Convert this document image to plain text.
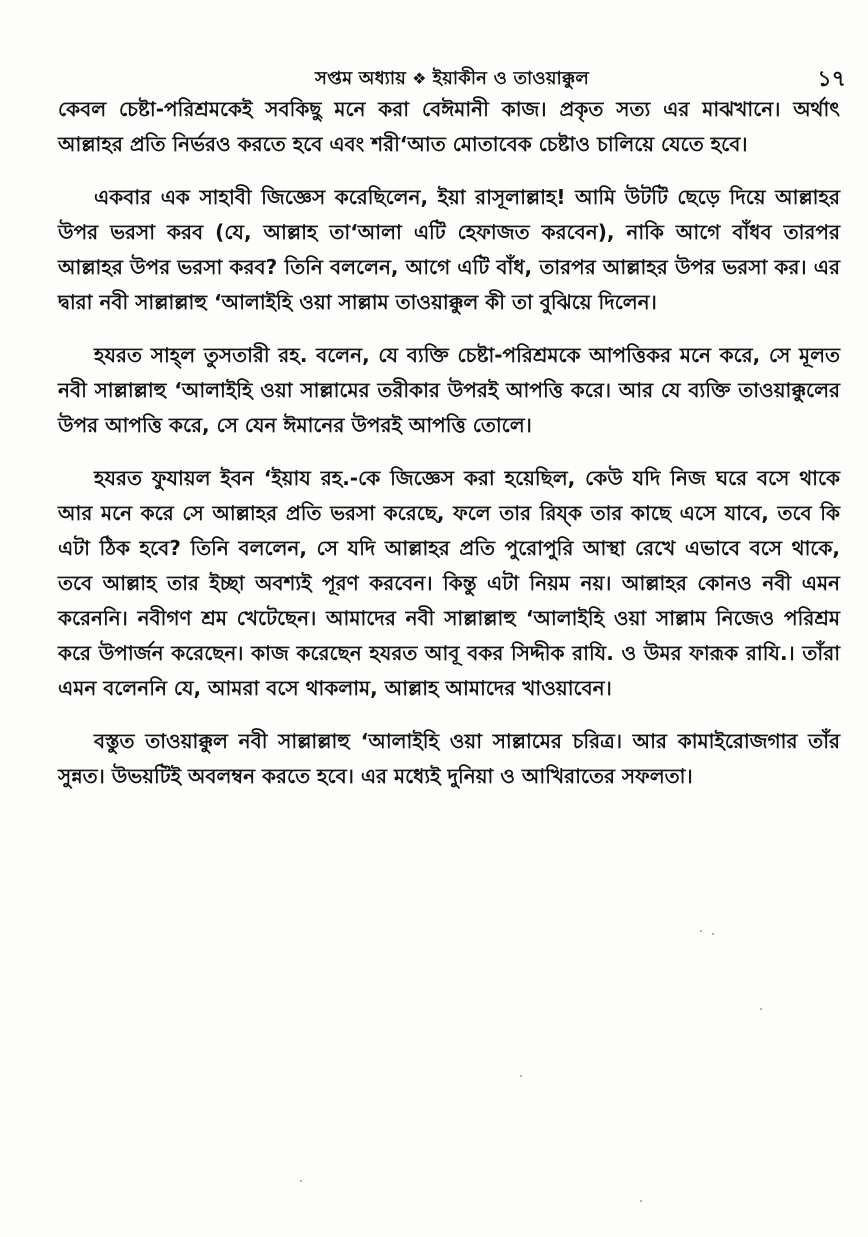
সপ্তম অধ্যায় ❖ ইয়াকীন ও তাওয়াক্কুল	১৭

কেবল চেষ্টা-পরিশ্রমকেই সবকিছু মনে করা বেঈমানী কাজ। প্রকৃত সত্য এর মাঝখানে। অর্থাৎ আল্লাহর প্রতি নির্ভরও করতে হবে এবং শরী‘আত মোতাবেক চেষ্টাও চালিয়ে যেতে হবে।

একবার এক সাহাবী জিজ্ঞেস করেছিলেন, ইয়া রাসূলাল্লাহ! আমি উটটি ছেড়ে দিয়ে আল্লাহর উপর ভরসা করব (যে, আল্লাহ তা‘আলা এটি হেফাজত করবেন), নাকি আগে বাঁধব তারপর আল্লাহর উপর ভরসা করব? তিনি বললেন, আগে এটি বাঁধ, তারপর আল্লাহর উপর ভরসা কর। এর দ্বারা নবী সাল্লাল্লাহু ‘আলাইহি ওয়া সাল্লাম তাওয়াক্কুল কী তা বুঝিয়ে দিলেন।

হযরত সাহ্‌ল তুসতারী রহ. বলেন, যে ব্যক্তি চেষ্টা-পরিশ্রমকে আপত্তিকর মনে করে, সে মূলত নবী সাল্লাল্লাহু ‘আলাইহি ওয়া সাল্লামের তরীকার উপরই আপত্তি করে। আর যে ব্যক্তি তাওয়াক্কুলের উপর আপত্তি করে, সে যেন ঈমানের উপরই আপত্তি তোলে।

হযরত ফুযায়ল ইবন ‘ইয়ায রহ.-কে জিজ্ঞেস করা হয়েছিল, কেউ যদি নিজ ঘরে বসে থাকে আর মনে করে সে আল্লাহর প্রতি ভরসা করেছে, ফলে তার রিয্‌ক তার কাছে এসে যাবে, তবে কি এটা ঠিক হবে? তিনি বললেন, সে যদি আল্লাহর প্রতি পুরোপুরি আস্থা রেখে এভাবে বসে থাকে, তবে আল্লাহ তার ইচ্ছা অবশ্যই পূরণ করবেন। কিন্তু এটা নিয়ম নয়। আল্লাহর কোনও নবী এমন করেননি। নবীগণ শ্রম খেটেছেন। আমাদের নবী সাল্লাল্লাহু ‘আলাইহি ওয়া সাল্লাম নিজেও পরিশ্রম করে উপার্জন করেছেন। কাজ করেছেন হযরত আবূ বকর সিদ্দীক রাযি. ও উমর ফারূক রাযি.। তাঁরা এমন বলেননি যে, আমরা বসে থাকলাম, আল্লাহ আমাদের খাওয়াবেন।

বস্তুত তাওয়াক্কুল নবী সাল্লাল্লাহু ‘আলাইহি ওয়া সাল্লামের চরিত্র। আর কামাইরোজগার তাঁর সুন্নত। উভয়টিই অবলম্বন করতে হবে। এর মধ্যেই দুনিয়া ও আখিরাতের সফলতা।
